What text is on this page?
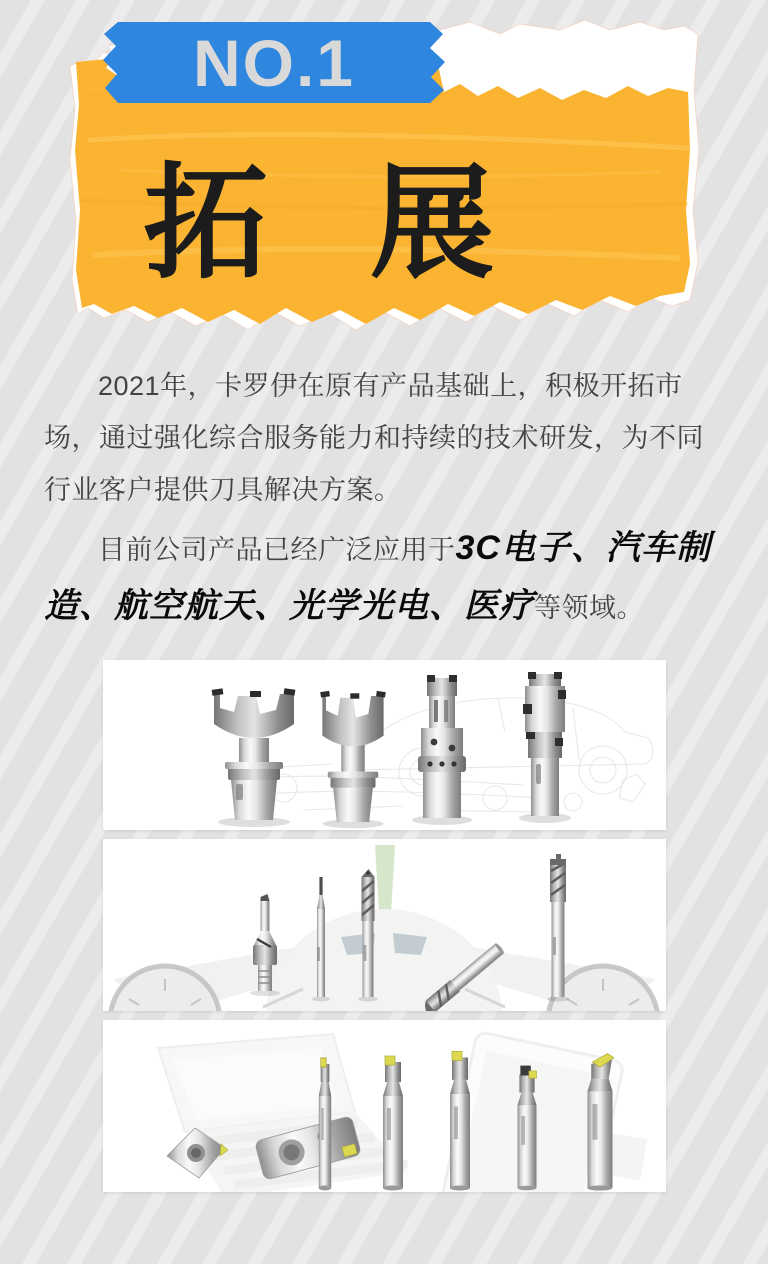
NO.1
拓 展

2021年，卡罗伊在原有产品基础上，积极开拓市场，通过强化综合服务能力和持续的技术研发，为不同行业客户提供刀具解决方案。

目前公司产品已经广泛应用于3C电子、汽车制造、航空航天、光学光电、医疗等领域。
